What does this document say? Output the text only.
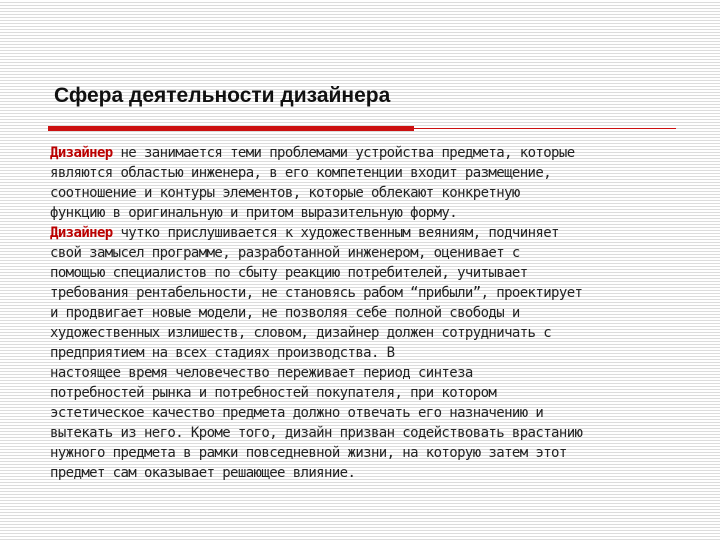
Сфера деятельности дизайнера
Дизайнер не занимается теми проблемами устройства предмета, которые
являются областью инженера, в его компетенции входит размещение,
соотношение и контуры элементов, которые облекают конкретную
функцию в оригинальную и притом выразительную форму.
Дизайнер чутко прислушивается к художественным веяниям, подчиняет
свой замысел программе, разработанной инженером, оценивает с
помощью специалистов по сбыту реакцию потребителей, учитывает
требования рентабельности, не становясь рабом “прибыли”, проектирует
и продвигает новые модели, не позволяя себе полной свободы и
художественных излишеств, словом, дизайнер должен сотрудничать с
предприятием на всех стадиях производства. В
настоящее время человечество переживает период синтеза
потребностей рынка и потребностей покупателя, при котором
эстетическое качество предмета должно отвечать его назначению и
вытекать из него. Кроме того, дизайн призван содействовать врастанию
нужного предмета в рамки повседневной жизни, на которую затем этот
предмет сам оказывает решающее влияние.
